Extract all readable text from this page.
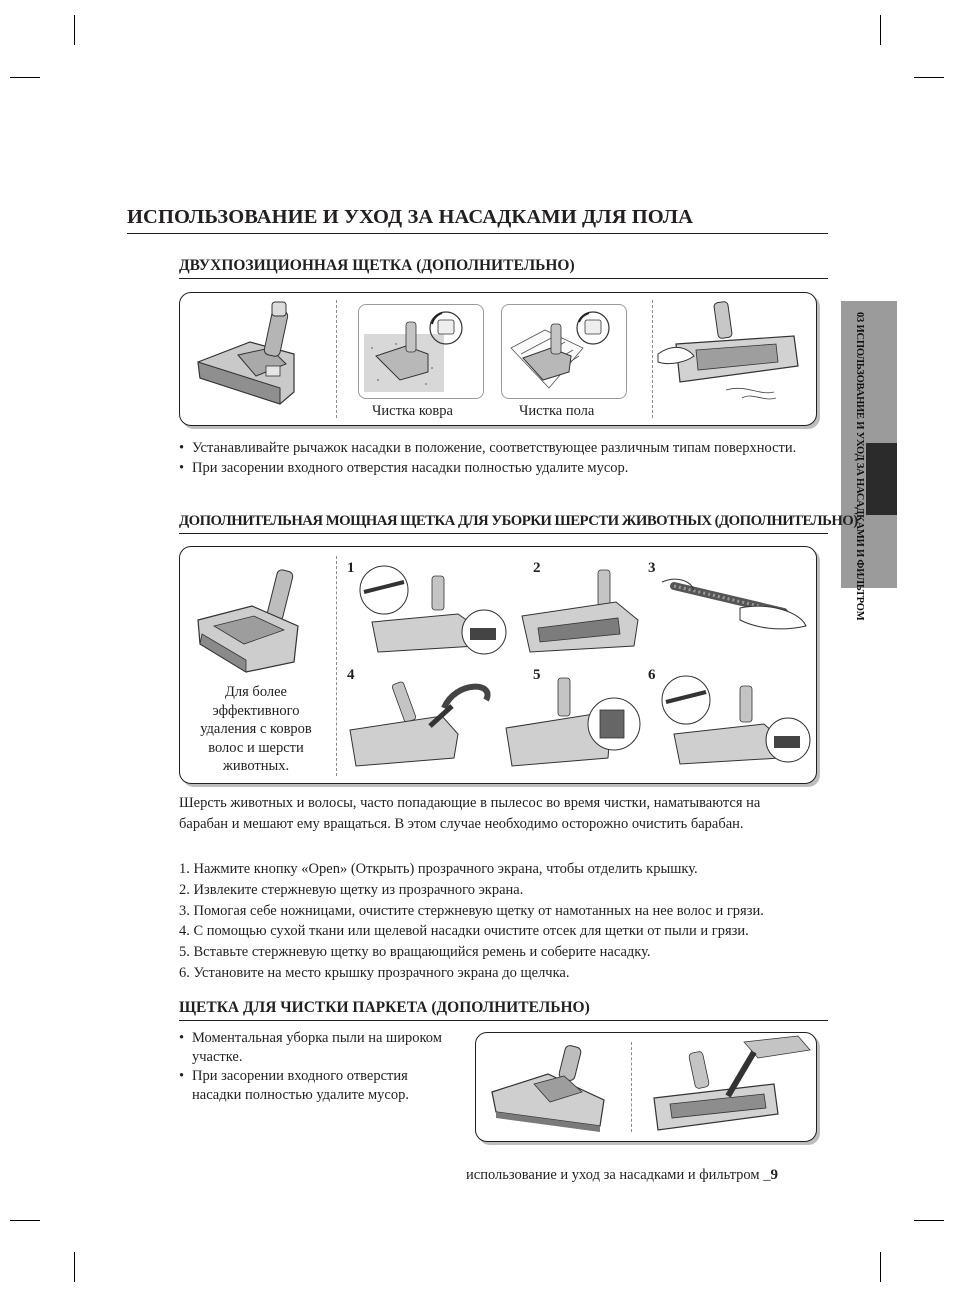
03 ИСПОЛЬЗОВАНИЕ И УХОД ЗА НАСАДКАМИ И ФИЛЬТРОМ
ИСПОЛЬЗОВАНИЕ И УХОД ЗА НАСАДКАМИ ДЛЯ ПОЛА
ДВУХПОЗИЦИОННАЯ ЩЕТКА (ДОПОЛНИТЕЛЬНО)
Чистка ковра	Чистка пола
• Устанавливайте рычажок насадки в положение, соответствующее различным типам поверхности.
• При засорении входного отверстия насадки полностью удалите мусор.
ДОПОЛНИТЕЛЬНАЯ МОЩНАЯ ЩЕТКА ДЛЯ УБОРКИ ШЕРСТИ ЖИВОТНЫХ (ДОПОЛНИТЕЛЬНО)
Для более эффективного удаления с ковров волос и шерсти животных.
1	2	3
4	5	6
Шерсть животных и волосы, часто попадающие в пылесос во время чистки, наматываются на барабан и мешают ему вращаться. В этом случае необходимо осторожно очистить барабан.
1. Нажмите кнопку «Open» (Открыть) прозрачного экрана, чтобы отделить крышку.
2. Извлеките стержневую щетку из прозрачного экрана.
3. Помогая себе ножницами, очистите стержневую щетку от намотанных на нее волос и грязи.
4. С помощью сухой ткани или щелевой насадки очистите отсек для щетки от пыли и грязи.
5. Вставьте стержневую щетку во вращающийся ремень и соберите насадку.
6. Установите на место крышку прозрачного экрана до щелчка.
ЩЕТКА ДЛЯ ЧИСТКИ ПАРКЕТА (ДОПОЛНИТЕЛЬНО)
• Моментальная уборка пыли на широком участке.
• При засорении входного отверстия насадки полностью удалите мусор.
использование и уход за насадками и фильтром _9
